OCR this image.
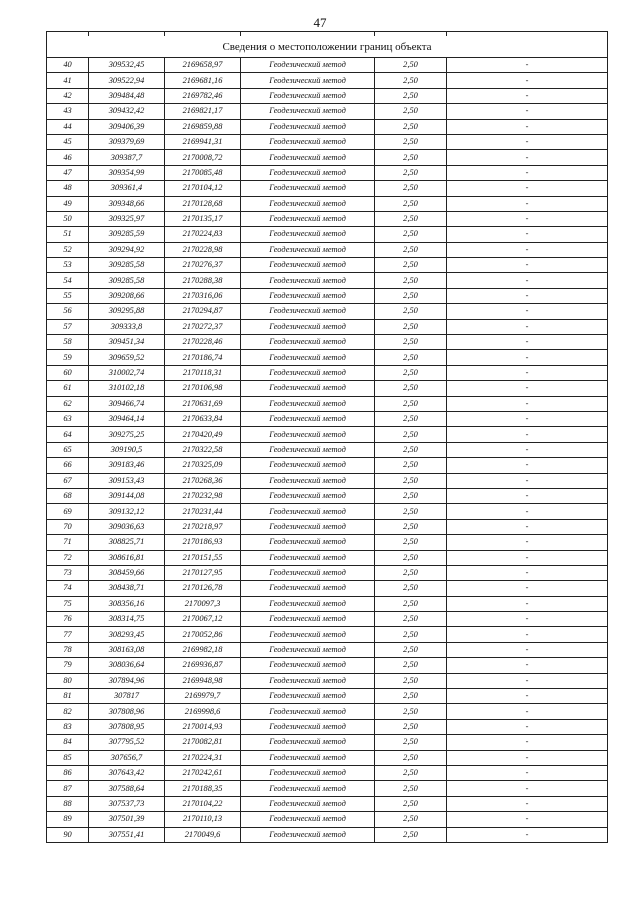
47

Сведения о местоположении границ объекта					
40	309532,45	2169658,97	Геодезический метод	2,50	-
41	309522,94	2169681,16	Геодезический метод	2,50	-
42	309484,48	2169782,46	Геодезический метод	2,50	-
43	309432,42	2169821,17	Геодезический метод	2,50	-
44	309406,39	2169859,88	Геодезический метод	2,50	-
45	309379,69	2169941,31	Геодезический метод	2,50	-
46	309387,7	2170008,72	Геодезический метод	2,50	-
47	309354,99	2170085,48	Геодезический метод	2,50	-
48	309361,4	2170104,12	Геодезический метод	2,50	-
49	309348,66	2170128,68	Геодезический метод	2,50	-
50	309325,97	2170135,17	Геодезический метод	2,50	-
51	309285,59	2170224,83	Геодезический метод	2,50	-
52	309294,92	2170228,98	Геодезический метод	2,50	-
53	309285,58	2170276,37	Геодезический метод	2,50	-
54	309285,58	2170288,38	Геодезический метод	2,50	-
55	309208,66	2170316,06	Геодезический метод	2,50	-
56	309295,88	2170294,87	Геодезический метод	2,50	-
57	309333,8	2170272,37	Геодезический метод	2,50	-
58	309451,34	2170228,46	Геодезический метод	2,50	-
59	309659,52	2170186,74	Геодезический метод	2,50	-
60	310002,74	2170118,31	Геодезический метод	2,50	-
61	310102,18	2170106,98	Геодезический метод	2,50	-
62	309466,74	2170631,69	Геодезический метод	2,50	-
63	309464,14	2170633,84	Геодезический метод	2,50	-
64	309275,25	2170420,49	Геодезический метод	2,50	-
65	309190,5	2170322,58	Геодезический метод	2,50	-
66	309183,46	2170325,09	Геодезический метод	2,50	-
67	309153,43	2170268,36	Геодезический метод	2,50	-
68	309144,08	2170232,98	Геодезический метод	2,50	-
69	309132,12	2170231,44	Геодезический метод	2,50	-
70	309036,63	2170218,97	Геодезический метод	2,50	-
71	308825,71	2170186,93	Геодезический метод	2,50	-
72	308616,81	2170151,55	Геодезический метод	2,50	-
73	308459,66	2170127,95	Геодезический метод	2,50	-
74	308438,71	2170126,78	Геодезический метод	2,50	-
75	308356,16	2170097,3	Геодезический метод	2,50	-
76	308314,75	2170067,12	Геодезический метод	2,50	-
77	308293,45	2170052,86	Геодезический метод	2,50	-
78	308163,08	2169982,18	Геодезический метод	2,50	-
79	308036,64	2169936,87	Геодезический метод	2,50	-
80	307894,96	2169948,98	Геодезический метод	2,50	-
81	307817	2169979,7	Геодезический метод	2,50	-
82	307808,96	2169998,6	Геодезический метод	2,50	-
83	307808,95	2170014,93	Геодезический метод	2,50	-
84	307795,52	2170082,81	Геодезический метод	2,50	-
85	307656,7	2170224,31	Геодезический метод	2,50	-
86	307643,42	2170242,61	Геодезический метод	2,50	-
87	307588,64	2170188,35	Геодезический метод	2,50	-
88	307537,73	2170104,22	Геодезический метод	2,50	-
89	307501,39	2170110,13	Геодезический метод	2,50	-
90	307551,41	2170049,6	Геодезический метод	2,50	-
